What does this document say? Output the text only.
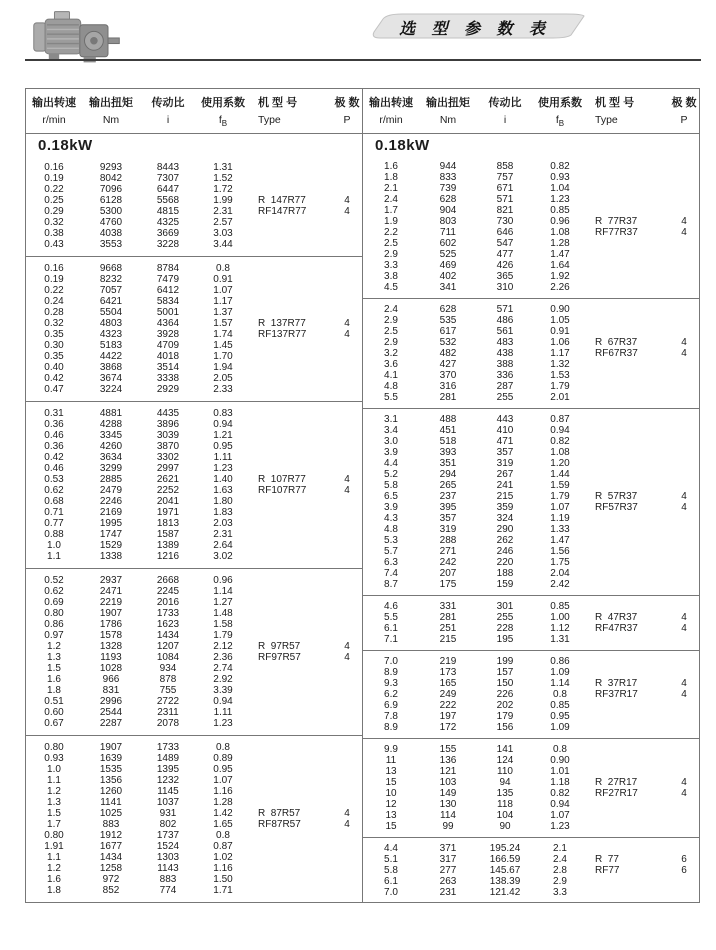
选 型 参 数 表
输出转速	输出扭矩	传动比	使用系数	机 型 号	极 数
r/min	Nm	i	$f_B$	Type	P
0.18kW
0.16	9293	8443	1.31
0.19	8042	7307	1.52
0.22	7096	6447	1.72
0.25	6128	5568	1.99	R  147R77	4
0.29	5300	4815	2.31	RF147R77	4
0.32	4760	4325	2.57
0.38	4038	3669	3.03
0.43	3553	3228	3.44
0.16	9668	8784	0.8
0.19	8232	7479	0.91
0.22	7057	6412	1.07
0.24	6421	5834	1.17
0.28	5504	5001	1.37
0.32	4803	4364	1.57	R  137R77	4
0.35	4323	3928	1.74	RF137R77	4
0.30	5183	4709	1.45
0.35	4422	4018	1.70
0.40	3868	3514	1.94
0.42	3674	3338	2.05
0.47	3224	2929	2.33
0.31	4881	4435	0.83
0.36	4288	3896	0.94
0.46	3345	3039	1.21
0.36	4260	3870	0.95
0.42	3634	3302	1.11
0.46	3299	2997	1.23
0.53	2885	2621	1.40	R  107R77	4
0.62	2479	2252	1.63	RF107R77	4
0.68	2246	2041	1.80
0.71	2169	1971	1.83
0.77	1995	1813	2.03
0.88	1747	1587	2.31
1.0	1529	1389	2.64
1.1	1338	1216	3.02
0.52	2937	2668	0.96
0.62	2471	2245	1.14
0.69	2219	2016	1.27
0.80	1907	1733	1.48
0.86	1786	1623	1.58
0.97	1578	1434	1.79
1.2	1328	1207	2.12	R  97R57	4
1.3	1193	1084	2.36	RF97R57	4
1.5	1028	934	2.74
1.6	966	878	2.92
1.8	831	755	3.39
0.51	2996	2722	0.94
0.60	2544	2311	1.11
0.67	2287	2078	1.23
0.80	1907	1733	0.8
0.93	1639	1489	0.89
1.0	1535	1395	0.95
1.1	1356	1232	1.07
1.2	1260	1145	1.16
1.3	1141	1037	1.28
1.5	1025	931	1.42	R  87R57	4
1.7	883	802	1.65	RF87R57	4
0.80	1912	1737	0.8
1.91	1677	1524	0.87
1.1	1434	1303	1.02
1.2	1258	1143	1.16
1.6	972	883	1.50
1.8	852	774	1.71
输出转速	输出扭矩	传动比	使用系数	机 型 号	极 数
r/min	Nm	i	$f_B$	Type	P
0.18kW
1.6	944	858	0.82
1.8	833	757	0.93
2.1	739	671	1.04
2.4	628	571	1.23
1.7	904	821	0.85
1.9	803	730	0.96	R  77R37	4
2.2	711	646	1.08	RF77R37	4
2.5	602	547	1.28
2.9	525	477	1.47
3.3	469	426	1.64
3.8	402	365	1.92
4.5	341	310	2.26
2.4	628	571	0.90
2.9	535	486	1.05
2.5	617	561	0.91
2.9	532	483	1.06	R  67R37	4
3.2	482	438	1.17	RF67R37	4
3.6	427	388	1.32
4.1	370	336	1.53
4.8	316	287	1.79
5.5	281	255	2.01
3.1	488	443	0.87
3.4	451	410	0.94
3.0	518	471	0.82
3.9	393	357	1.08
4.4	351	319	1.20
5.2	294	267	1.44
5.8	265	241	1.59
6.5	237	215	1.79	R  57R37	4
3.9	395	359	1.07	RF57R37	4
4.3	357	324	1.19
4.8	319	290	1.33
5.3	288	262	1.47
5.7	271	246	1.56
6.3	242	220	1.75
7.4	207	188	2.04
8.7	175	159	2.42
4.6	331	301	0.85
5.5	281	255	1.00	R  47R37	4
6.1	251	228	1.12	RF47R37	4
7.1	215	195	1.31
7.0	219	199	0.86
8.9	173	157	1.09
9.3	165	150	1.14	R  37R17	4
6.2	249	226	0.8	RF37R17	4
6.9	222	202	0.85
7.8	197	179	0.95
8.9	172	156	1.09
9.9	155	141	0.8
11	136	124	0.90
13	121	110	1.01
15	103	94	1.18	R  27R17	4
10	149	135	0.82	RF27R17	4
12	130	118	0.94
13	114	104	1.07
15	99	90	1.23
4.4	371	195.24	2.1
5.1	317	166.59	2.4	R  77	6
5.8	277	145.67	2.8	RF77	6
6.1	263	138.39	2.9
7.0	231	121.42	3.3
